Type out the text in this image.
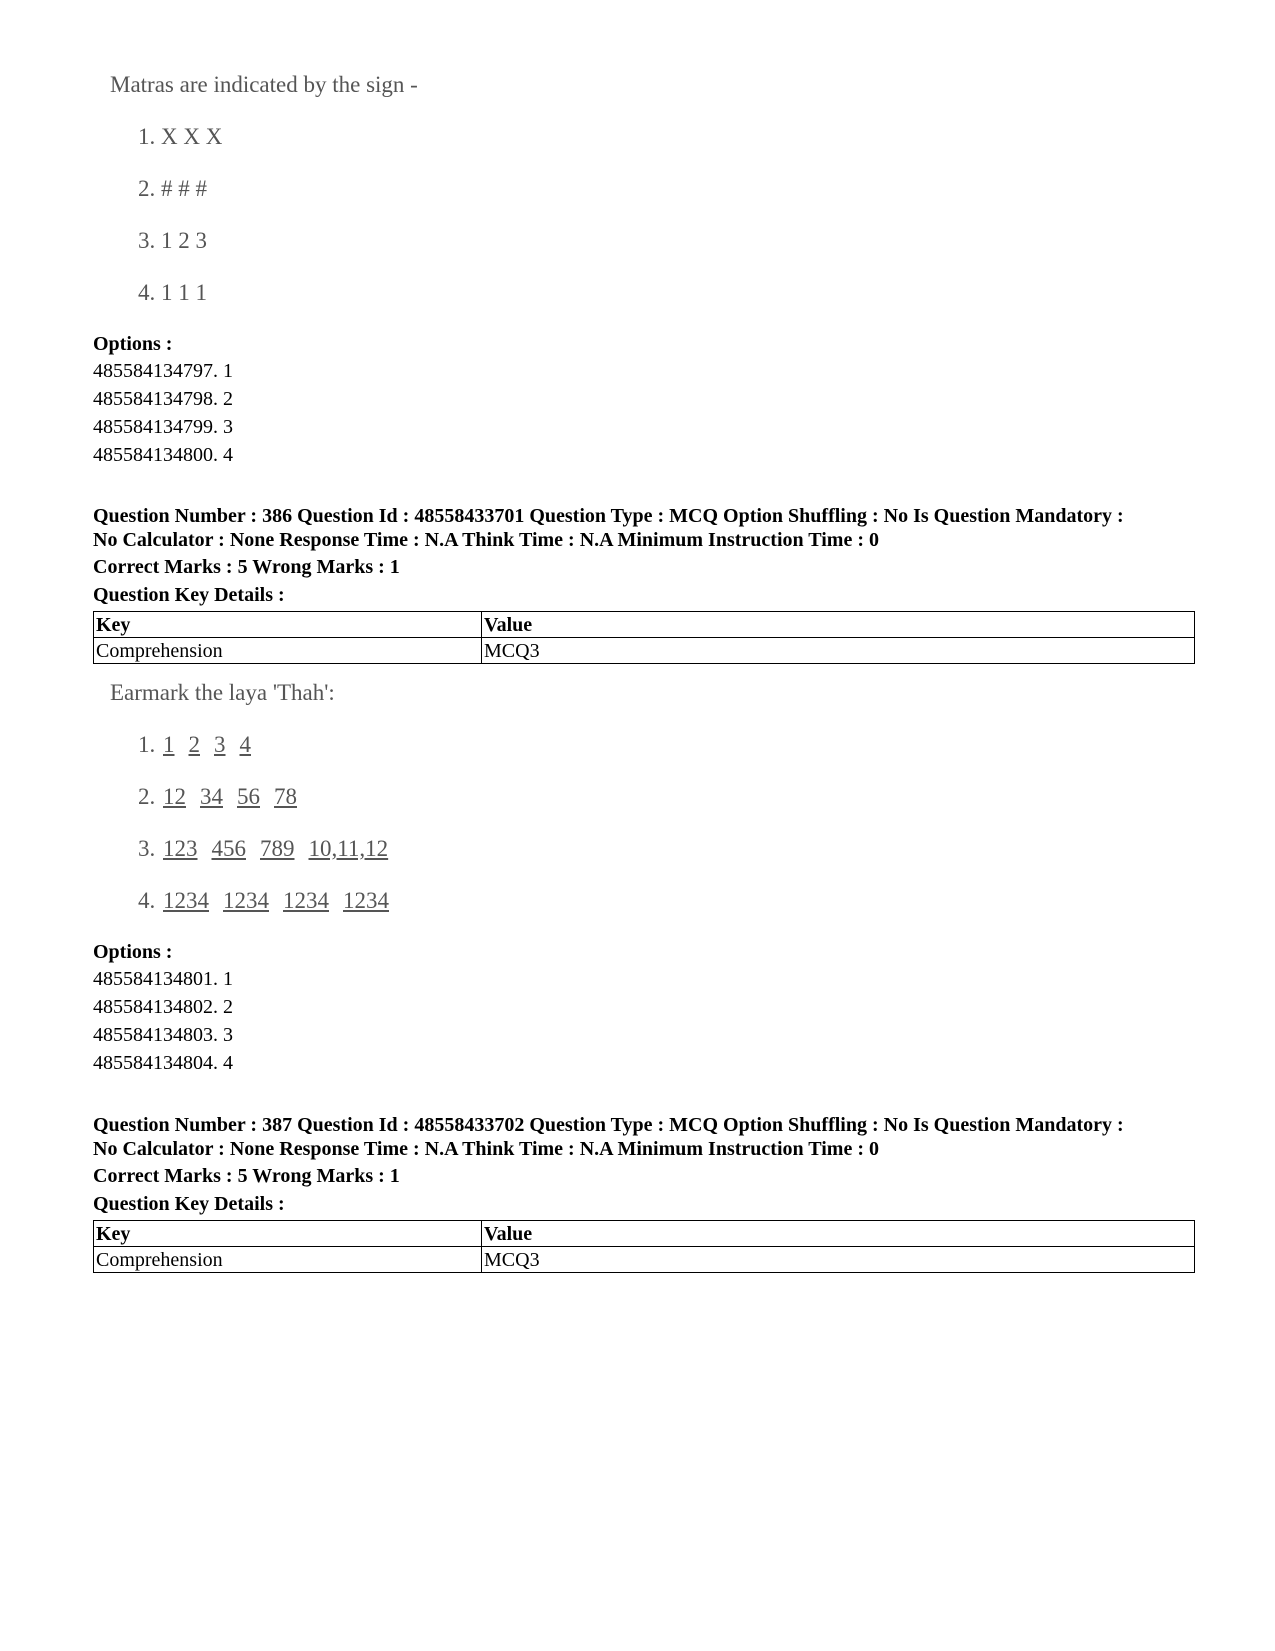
Matras are indicated by the sign -

1. X X X
2. # # #
3. 1 2 3
4. 1 1 1
Options :
485584134797. 1
485584134798. 2
485584134799. 3
485584134800. 4
Question Number : 386 Question Id : 48558433701 Question Type : MCQ Option Shuffling : No Is Question Mandatory :
No Calculator : None Response Time : N.A Think Time : N.A Minimum Instruction Time : 0
Correct Marks : 5 Wrong Marks : 1
Question Key Details :
Key	Value
Comprehension	MCQ3

Earmark the laya 'Thah':

1. 1 2 3 4
2. 12 34 56 78
3. 123 456 789 10,11,12
4. 1234 1234 1234 1234
Options :
485584134801. 1
485584134802. 2
485584134803. 3
485584134804. 4
Question Number : 387 Question Id : 48558433702 Question Type : MCQ Option Shuffling : No Is Question Mandatory :
No Calculator : None Response Time : N.A Think Time : N.A Minimum Instruction Time : 0
Correct Marks : 5 Wrong Marks : 1
Question Key Details :
Key	Value
Comprehension	MCQ3
